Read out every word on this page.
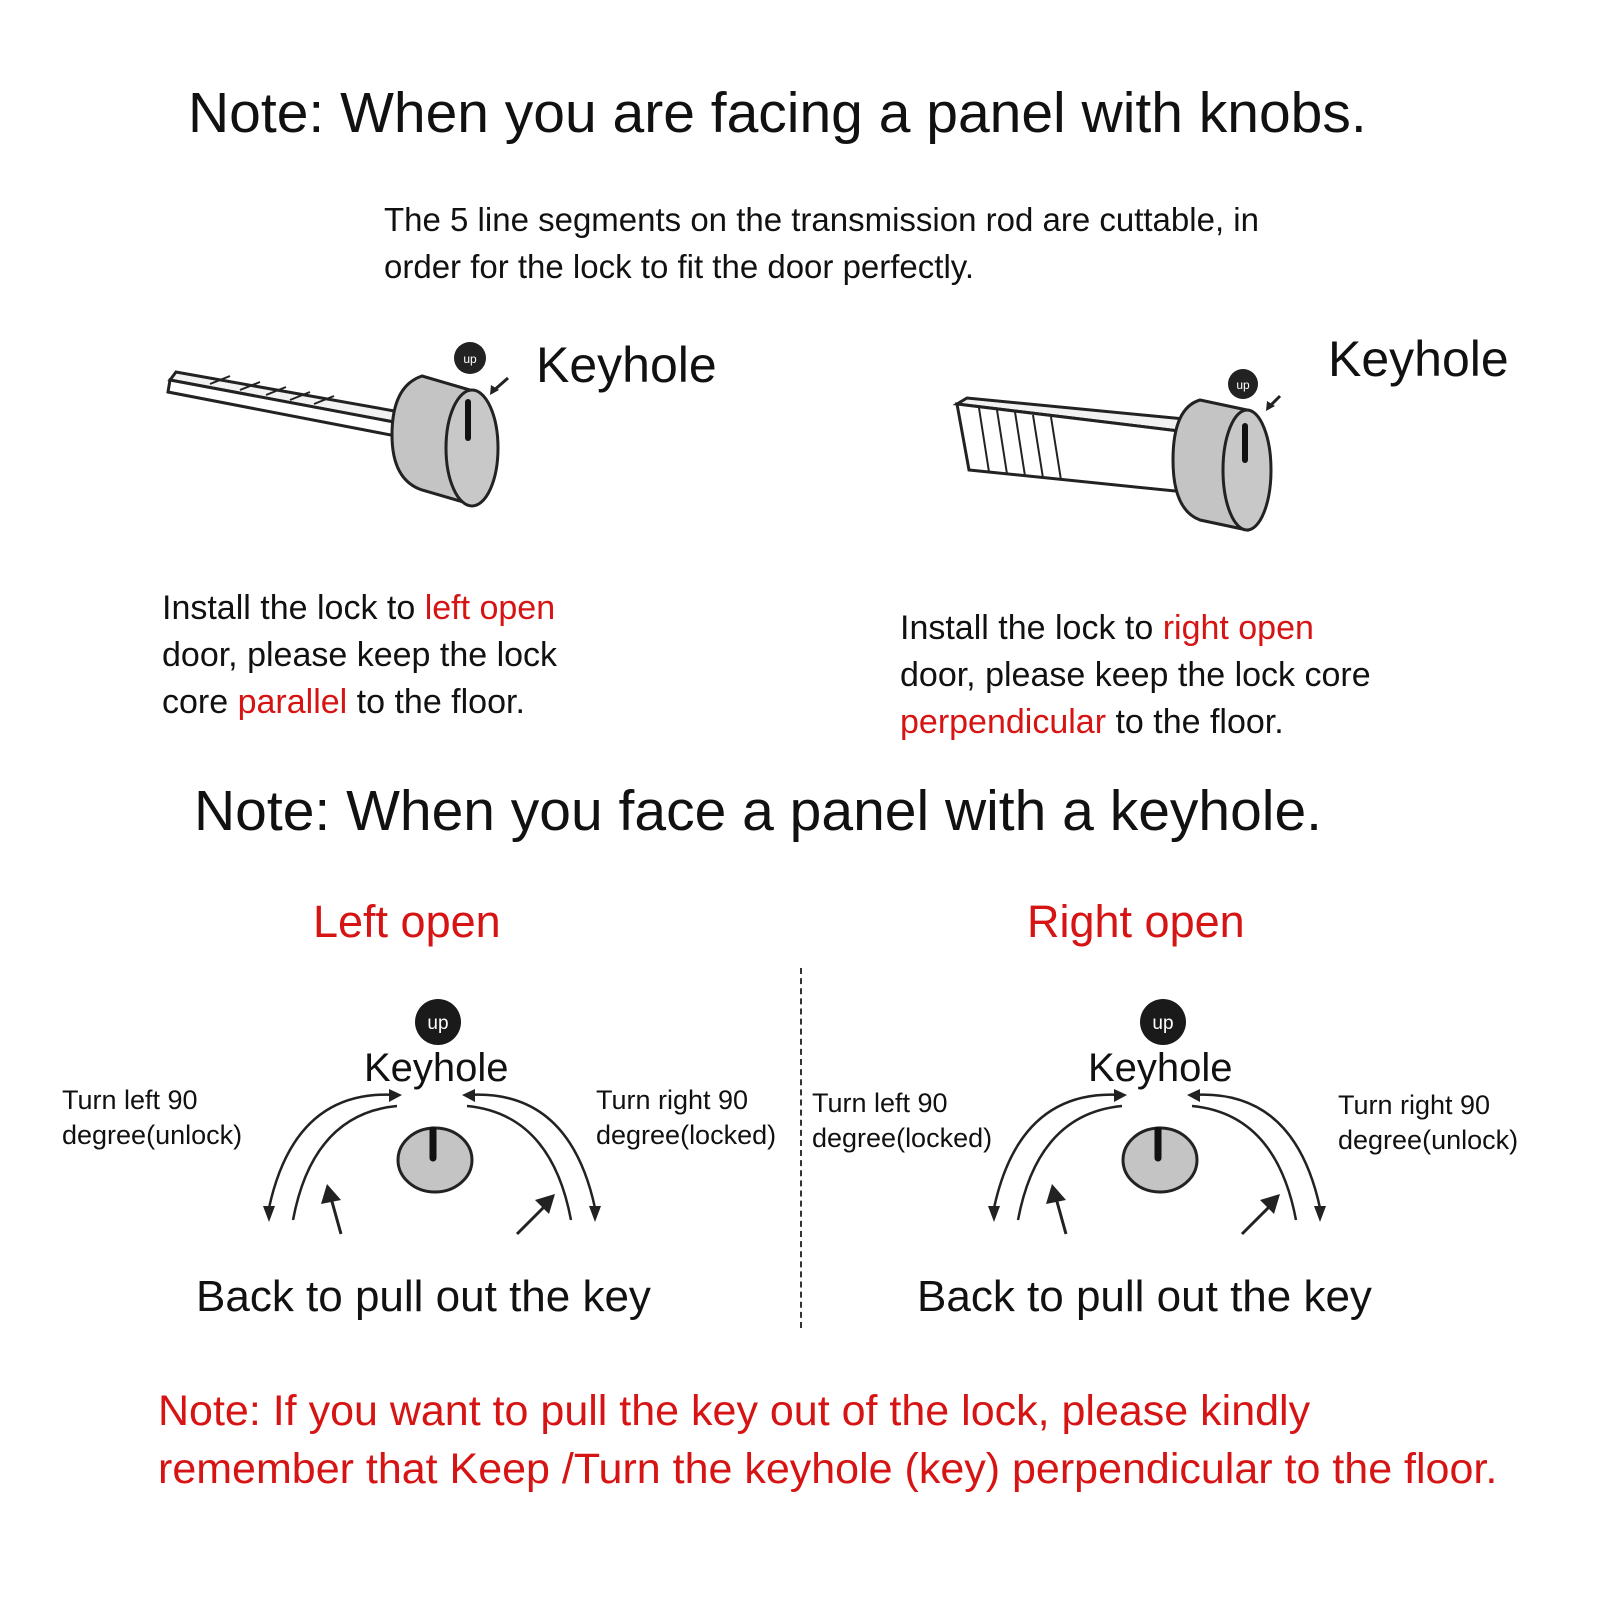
Note: When you are facing a panel with knobs.
The 5 line segments on the transmission rod are cuttable, in order for the lock to fit the door perfectly.
up Keyhole	up Keyhole
Install the lock to left open
door, please keep the lock
core parallel to the floor.
Install the lock to right open
door, please keep the lock core
perpendicular to the floor.
Note: When you face a panel with a keyhole.
Left open	Right open
Keyhole
Turn left 90
degree(unlock)
Turn right 90
degree(locked)
Back to pull out the key
up
Keyhole
Turn left 90
degree(locked)
Turn right 90
degree(unlock)
Back to pull out the key
up
Note: If you want to pull the key out of the lock, please kindly remember that Keep /Turn the keyhole (key) perpendicular to the floor.
